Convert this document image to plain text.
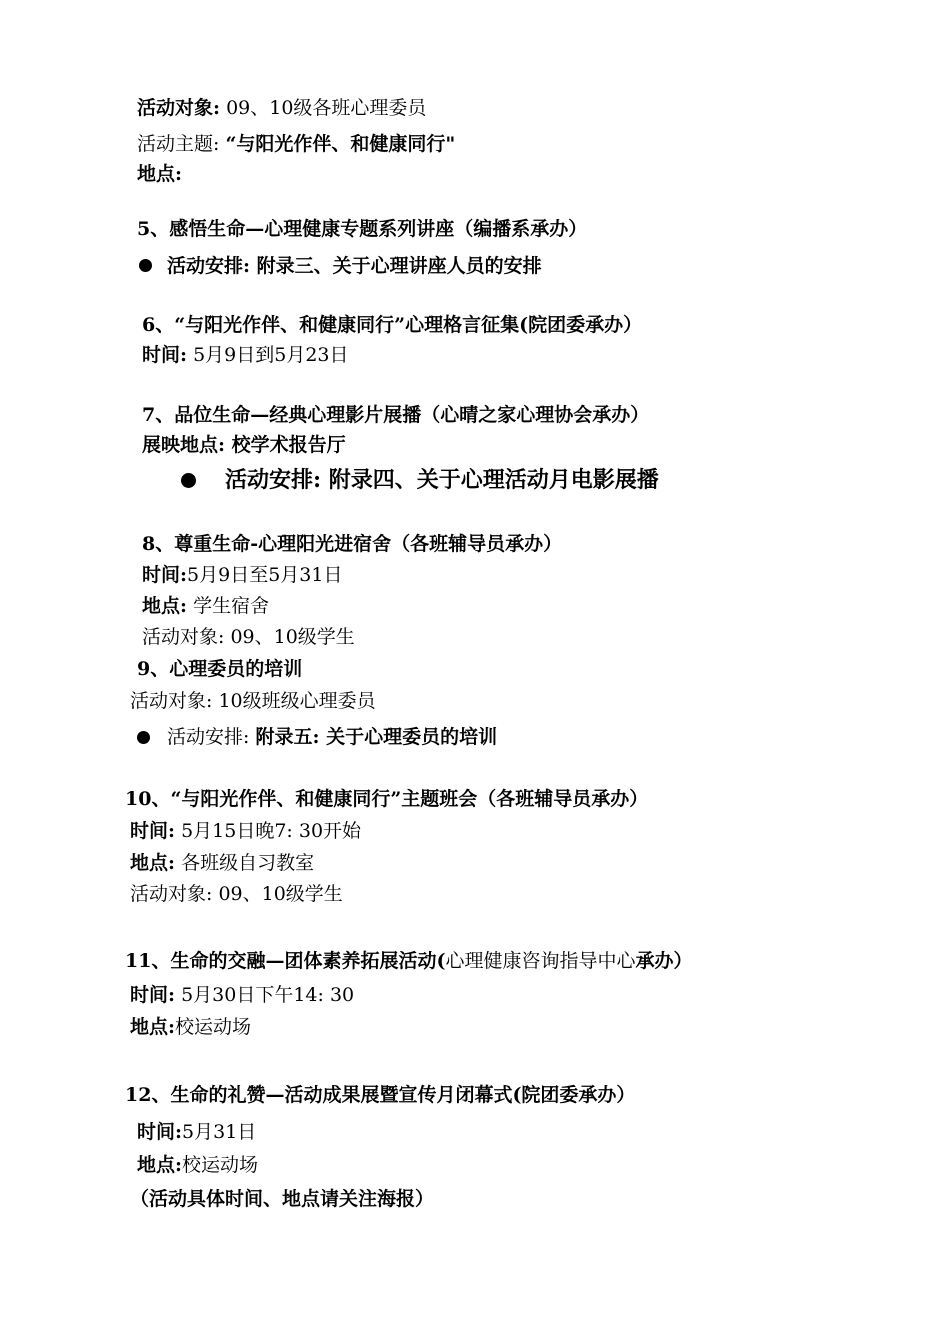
活动对象: 09、10级各班心理委员
活动主题: “与阳光作伴、和健康同行"
地点:
5、感悟生命—心理健康专题系列讲座（编播系承办）
活动安排: 附录三、关于心理讲座人员的安排
6、“与阳光作伴、和健康同行”心理格言征集(院团委承办）
时间: 5月9日到5月23日
7、品位生命—经典心理影片展播（心晴之家心理协会承办）
展映地点: 校学术报告厅
活动安排: 附录四、关于心理活动月电影展播
8、尊重生命-心理阳光进宿舍（各班辅导员承办）
时间:5月9日至5月31日
地点: 学生宿舍
活动对象: 09、10级学生
9、心理委员的培训
活动对象: 10级班级心理委员
活动安排: 附录五: 关于心理委员的培训
10、“与阳光作伴、和健康同行”主题班会（各班辅导员承办）
时间: 5月15日晚7: 30开始
地点: 各班级自习教室
活动对象: 09、10级学生
11、生命的交融—团体素养拓展活动(心理健康咨询指导中心承办）
时间: 5月30日下午14: 30
地点:校运动场
12、生命的礼赞—活动成果展暨宣传月闭幕式(院团委承办）
时间:5月31日
地点:校运动场
（活动具体时间、地点请关注海报）
